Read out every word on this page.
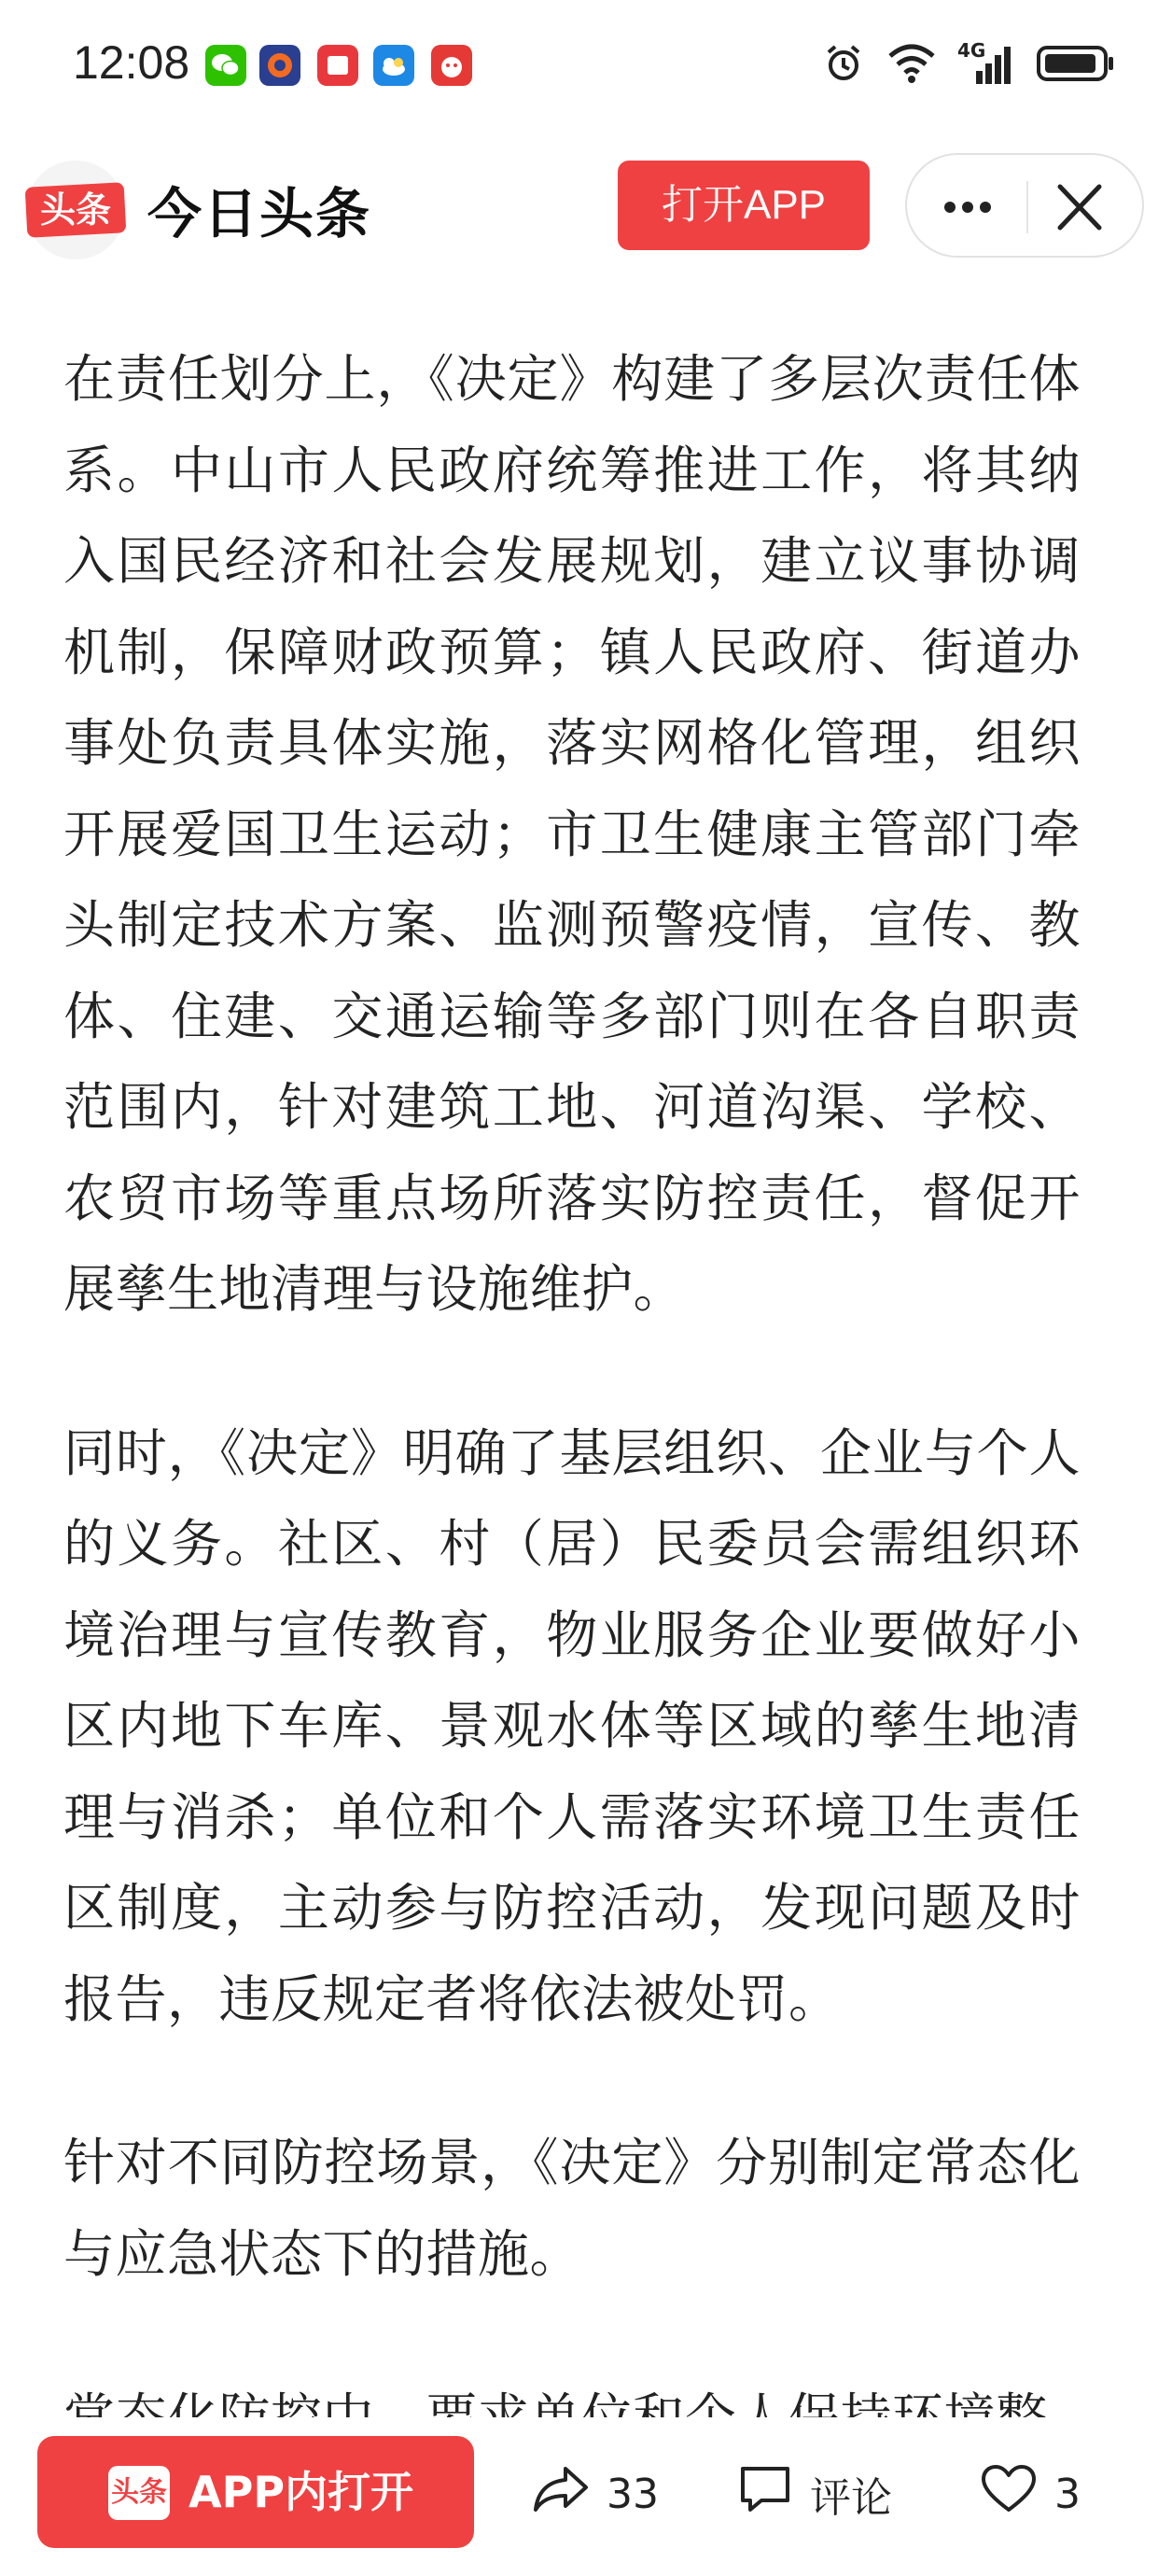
12:08	4G
头条 今日头条	打开APP

在责任划分上，《决定》构建了多层次责任体系。中山市人民政府统筹推进工作，将其纳入国民经济和社会发展规划，建立议事协调机制，保障财政预算；镇人民政府、街道办事处负责具体实施，落实网格化管理，组织开展爱国卫生运动；市卫生健康主管部门牵头制定技术方案、监测预警疫情，宣传、教体、住建、交通运输等多部门则在各自职责范围内，针对建筑工地、河道沟渠、学校、农贸市场等重点场所落实防控责任，督促开展孳生地清理与设施维护。

同时，《决定》明确了基层组织、企业与个人的义务。社区、村（居）民委员会需组织环境治理与宣传教育，物业服务企业要做好小区内地下车库、景观水体等区域的孳生地清理与消杀；单位和个人需落实环境卫生责任区制度，主动参与防控活动，发现问题及时报告，违反规定者将依法被处罚。

针对不同防控场景，《决定》分别制定常态化与应急状态下的措施。

头条 APP内打开	33	评论	3
